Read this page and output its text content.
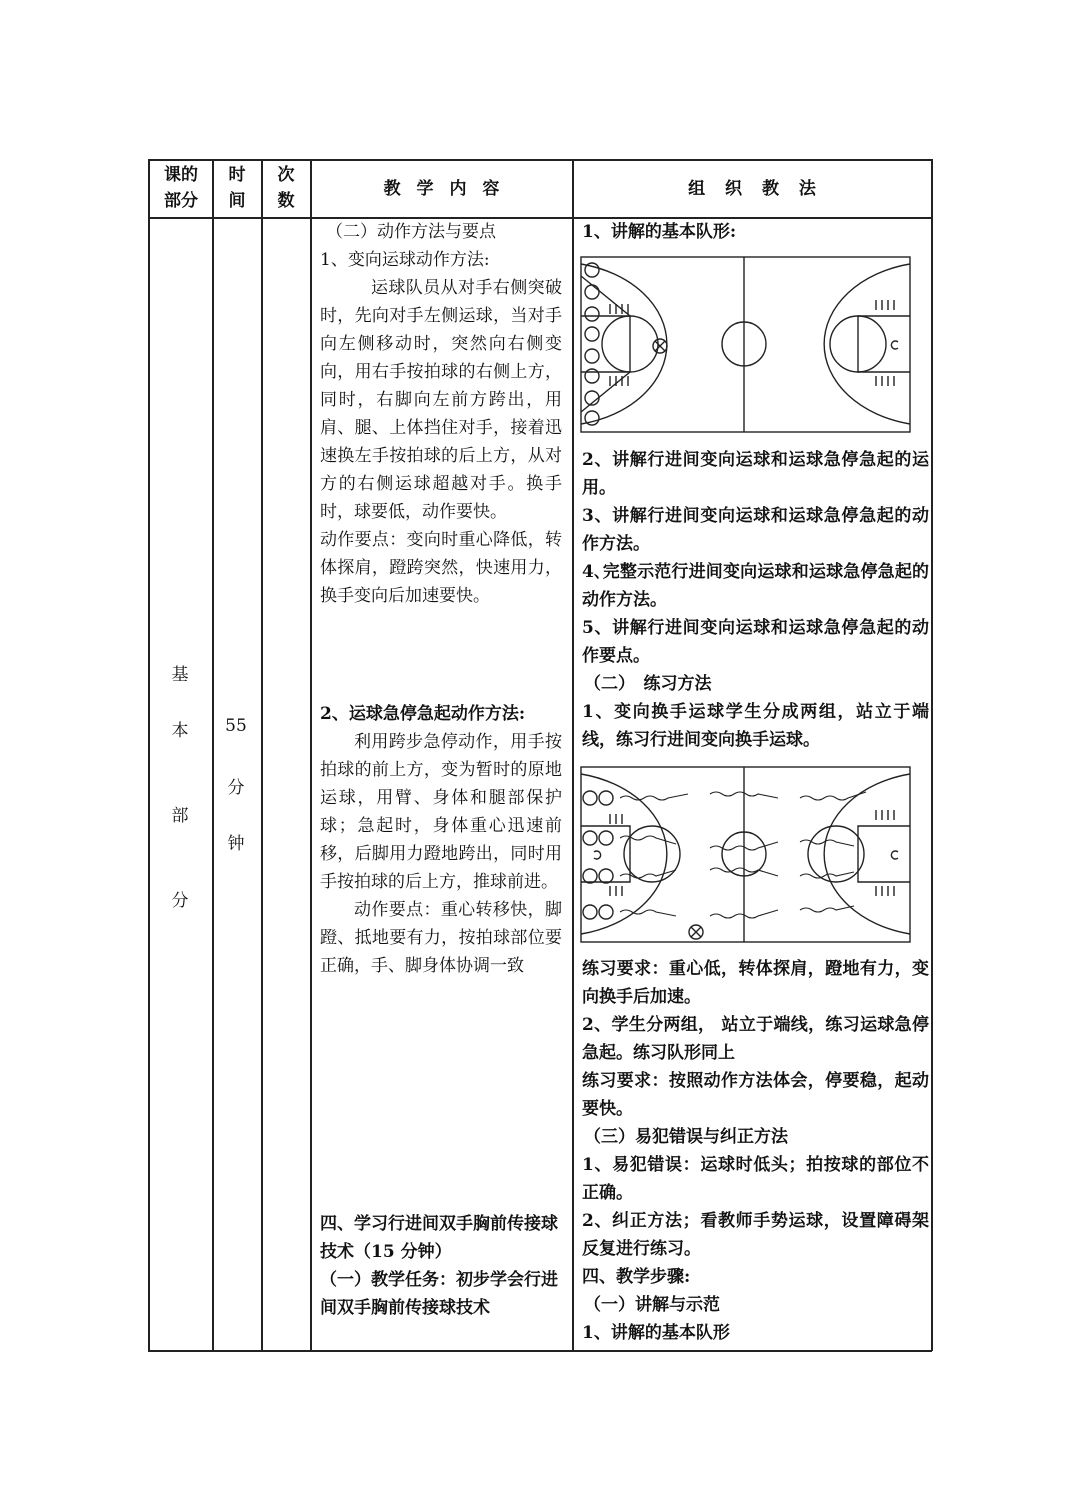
课的
部分
时
间
次
数
教 学 内 容	组 织 教 法
基
本
部
分
55
分
钟

（二）动作方法与要点

1、变向运球动作方法:

运球队员从对手右侧突破时，先向对手左侧运球，当对手向左侧移动时，突然向右侧变向，用右手按拍球的右侧上方，同时，右脚向左前方跨出，用肩、腿、上体挡住对手，接着迅速换左手按拍球的后上方，从对方的右侧运球超越对手。换手时，球要低，动作要快。

动作要点：变向时重心降低，转体探肩，蹬跨突然，快速用力，换手变向后加速要快。

2、运球急停急起动作方法:

利用跨步急停动作，用手按拍球的前上方，变为暂时的原地运球，用臂、身体和腿部保护球；急起时，身体重心迅速前移，后脚用力蹬地跨出，同时用手按拍球的后上方，推球前进。

动作要点：重心转移快，脚蹬、抵地要有力，按拍球部位要正确，手、脚身体协调一致

四、学习行进间双手胸前传接球技术（15 分钟）

（一）教学任务：初步学会行进间双手胸前传接球技术

1、讲解的基本队形:

2、讲解行进间变向运球和运球急停急起的运用。

3、讲解行进间变向运球和运球急停急起的动作方法。

4､完整示范行进间变向运球和运球急停急起的动作方法。

5、讲解行进间变向运球和运球急停急起的动作要点。

（二）　练习方法

1、变向换手运球学生分成两组，站立于端线，练习行进间变向换手运球。

练习要求：重心低，转体探肩，蹬地有力，变向换手后加速。

2、学生分两组， 站立于端线，练习运球急停急起。练习队形同上

练习要求：按照动作方法体会，停要稳，起动要快。

（三）易犯错误与纠正方法

1、易犯错误：运球时低头；拍按球的部位不正确。

2、纠正方法；看教师手势运球，设置障碍架反复进行练习。

四、教学步骤:

（一）讲解与示范

1、讲解的基本队形
